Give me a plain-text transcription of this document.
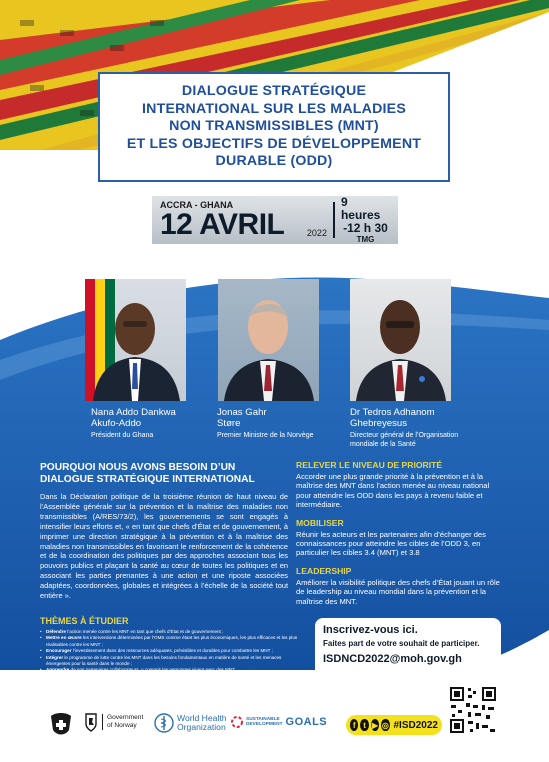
DIALOGUE STRATÉGIQUE
INTERNATIONAL SUR LES MALADIES
NON TRANSMISSIBLES (MNT)
ET LES OBJECTIFS DE DÉVELOPPEMENT
DURABLE (ODD)
ACCRA - GHANA
12 AVRIL	2022
9 heures
-12 h 30
TMG
Nana Addo Dankwa
Akufo-Addo
Président du Ghana
Jonas Gahr
Støre
Premier Ministre de la Norvège
Dr Tedros Adhanom
Ghebreyesus
Directeur général de l’Organisation
mondiale de la Santé
POURQUOI NOUS AVONS BESOIN D’UN DIALOGUE STRATÉGIQUE INTERNATIONAL

Dans la Déclaration politique de la troisième réunion de haut niveau de l’Assemblée générale sur la prévention et la maîtrise des maladies non transmissibles (A/RES/73/2), les gouvernements se sont engagés à intensifier leurs efforts et, « en tant que chefs d’État et de gouvernement, à imprimer une direction stratégique à la prévention et à la maîtrise des maladies non transmissibles en favorisant le renforcement de la cohérence et de la coordination des politiques par des approches associant tous les pouvoirs publics et plaçant la santé au cœur de toutes les politiques et en associant les parties prenantes à une action et une riposte associées adaptées, coordonnées, globales et intégrées à l’échelle de la société tout entière ».

RELEVER LE NIVEAU DE PRIORITÉ

Accorder une plus grande priorité à la prévention et à la maîtrise des MNT dans l’action menée au niveau national pour atteindre les ODD dans les pays à revenu faible et intermédiaire.

MOBILISER

Réunir les acteurs et les partenaires afin d’échanger des connaissances pour atteindre les cibles de l’ODD 3, en particulier les cibles 3.4 (MNT) et 3.8

LEADERSHIP

Améliorer la visibilité politique des chefs d’État jouant un rôle de leadership au niveau mondial dans la prévention et la maîtrise des MNT.

THÈMES À ÉTUDIER
• Défendre l’action menée contre les MNT en tant que chefs d’État et de gouvernement ;
• Mettre en œuvre les interventions déterminées par l’OMS comme étant les plus économiques, les plus efficaces et les plus réalisables contre les MNT ;
• Encourager l’investissement dans des ressources adéquates, prévisibles et durables pour combattre les MNT ;
• Intégrer le programme de lutte contre les MNT dans les besoins fondamentaux en matière de santé et les menaces émergentes pour la santé dans le monde ;
• Apprendre de nos partenaires collaborateurs, y compris les personnes vivant avec des MNT.
Inscrivez-vous ici.
Faites part de votre souhait de participer.
ISDNCD2022@moh.gov.gh
Government
of Norway
World Health
Organization
SUSTAINABLE
DEVELOPMENT GOALS	f t ▶ ◎ #ISD2022
